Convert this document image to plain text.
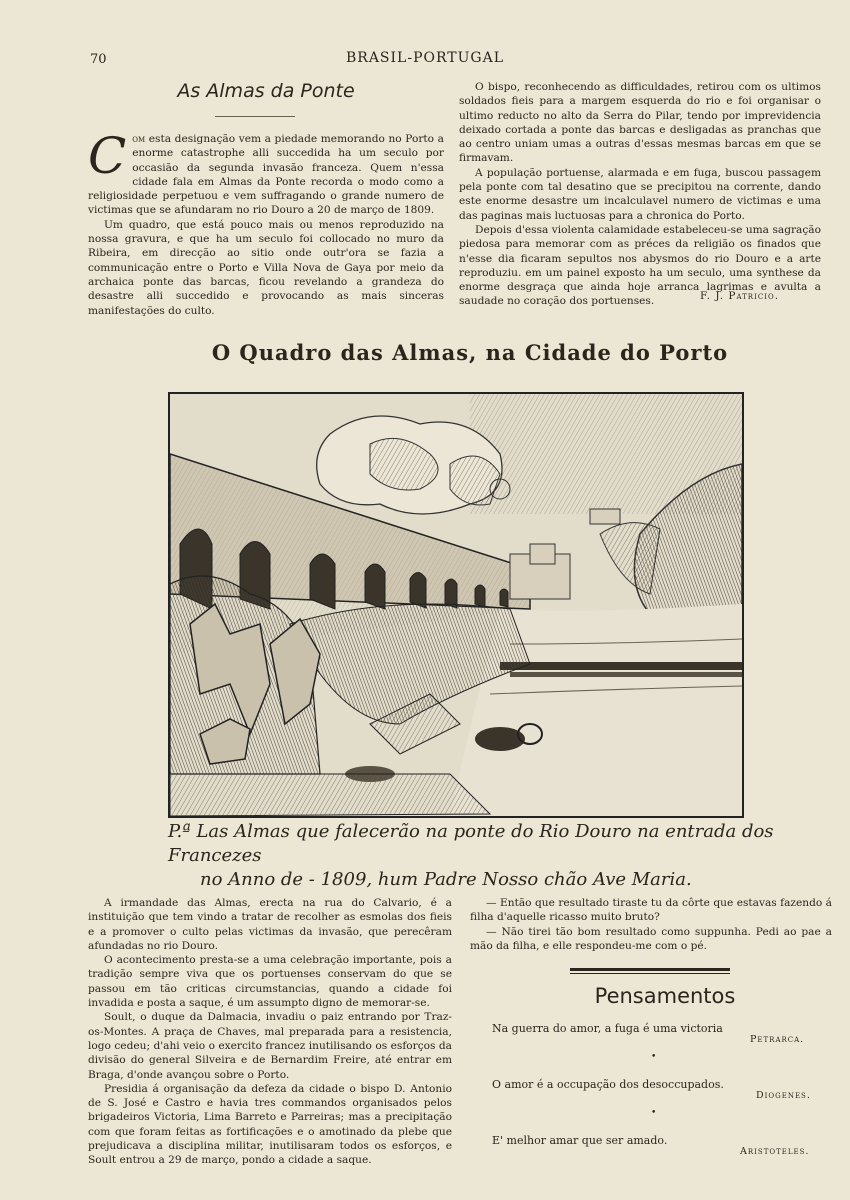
70	BRASIL-PORTUGAL
As Almas da Ponte

Com esta designação vem a piedade memorando no Porto a enorme catastrophe alli succedida ha um seculo por occasião da segunda invasão franceza. Quem n'essa cidade fala em Almas da Ponte recorda o modo como a religiosidade perpetuou e vem suffragando o grande numero de victimas que se afundaram no rio Douro a 20 de março de 1809.

Um quadro, que está pouco mais ou menos reproduzido na nossa gravura, e que ha um seculo foi collocado no muro da Ribeira, em direcção ao sitio onde outr'ora se fazia a communicação entre o Porto e Villa Nova de Gaya por meio da archaica ponte das barcas, ficou revelando a grandeza do desastre alli succedido e provocando as mais sinceras manifestações do culto.

O bispo, reconhecendo as difficuldades, retirou com os ultimos soldados fieis para a margem esquerda do rio e foi organisar o ultimo reducto no alto da Serra do Pilar, tendo por imprevidencia deixado cortada a ponte das barcas e desligadas as pranchas que ao centro uniam umas a outras d'essas mesmas barcas em que se firmavam.

A população portuense, alarmada e em fuga, buscou passagem pela ponte com tal desatino que se precipitou na corrente, dando este enorme desastre um incalculavel numero de victimas e uma das paginas mais luctuosas para a chronica do Porto.

Depois d'essa violenta calamidade estabeleceu-se uma sagração piedosa para memorar com as préces da religião os finados que n'esse dia ficaram sepultos nos abysmos do rio Douro e a arte reproduziu. em um painel exposto ha um seculo, uma synthese da enorme desgraça que ainda hoje arranca lagrimas e avulta a saudade no coração dos portuenses.	F. J. Patricio.
O Quadro das Almas, na Cidade do Porto
P.ª Las Almas que falecerão na ponte do Rio Douro na entrada dos Francezes
no Anno de - 1809, hum Padre Nosso chão Ave Maria.

A irmandade das Almas, erecta na rua do Calvario, é a instituição que tem vindo a tratar de recolher as esmolas dos fieis e a promover o culto pelas victimas da invasão, que perecêram afundadas no rio Douro.

O acontecimento presta-se a uma celebração importante, pois a tradição sempre viva que os portuenses conservam do que se passou em tão criticas circumstancias, quando a cidade foi invadida e posta a saque, é um assumpto digno de memorar-se.

Soult, o duque da Dalmacia, invadiu o paiz entrando por Traz-os-Montes. A praça de Chaves, mal preparada para a resistencia, logo cedeu; d'ahi veio o exercito francez inutilisando os esforços da divisão do general Silveira e de Bernardim Freire, até entrar em Braga, d'onde avançou sobre o Porto.

Presidia á organisação da defeza da cidade o bispo D. Antonio de S. José e Castro e havia tres commandos organisados pelos brigadeiros Victoria, Lima Barreto e Parreiras; mas a precipitação com que foram feitas as fortificações e o amotinado da plebe que prejudicava a disciplina militar, inutilisaram todos os esforços, e Soult entrou a 29 de março, pondo a cidade a saque.

— Então que resultado tiraste tu da côrte que estavas fazendo á filha d'aquelle ricasso muito bruto?

— Não tirei tão bom resultado como suppunha. Pedi ao pae a mão da filha, e elle respondeu-me com o pé.

Pensamentos
Na guerra do amor, a fuga é uma victoria
Petrarca.
•
O amor é a occupação dos desoccupados.
Diogenes.
•
E' melhor amar que ser amado.
Aristoteles.
